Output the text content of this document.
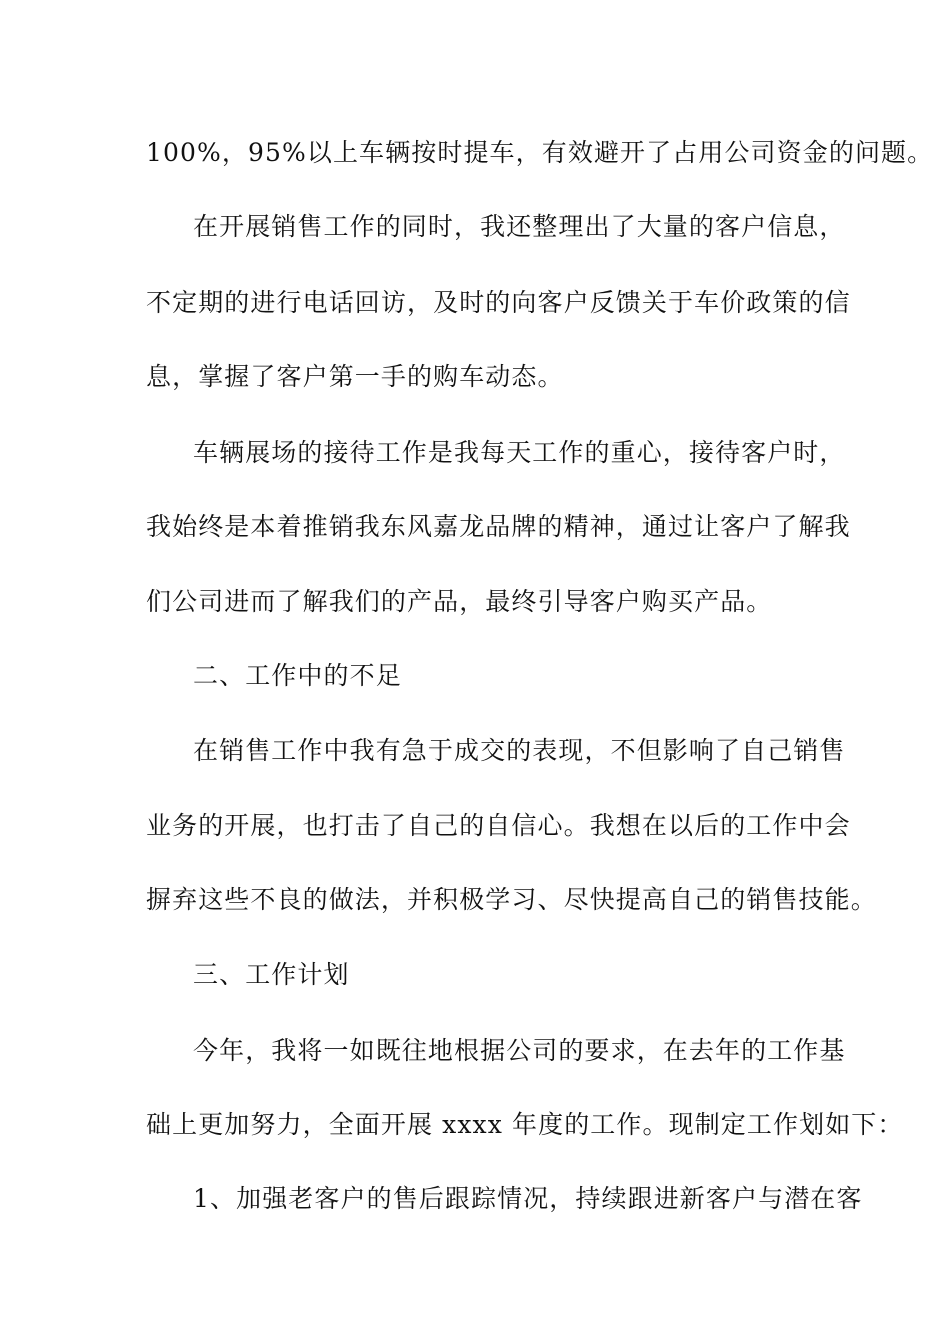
100%，95%以上车辆按时提车，有效避开了占用公司资金的问题。
在开展销售工作的同时，我还整理出了大量的客户信息，
不定期的进行电话回访，及时的向客户反馈关于车价政策的信
息，掌握了客户第一手的购车动态。
车辆展场的接待工作是我每天工作的重心，接待客户时，
我始终是本着推销我东风嘉龙品牌的精神，通过让客户了解我
们公司进而了解我们的产品，最终引导客户购买产品。
二、工作中的不足
在销售工作中我有急于成交的表现，不但影响了自己销售
业务的开展，也打击了自己的自信心。我想在以后的工作中会
摒弃这些不良的做法，并积极学习、尽快提高自己的销售技能。
三、工作计划
今年，我将一如既往地根据公司的要求，在去年的工作基
础上更加努力，全面开展 xxxx 年度的工作。现制定工作划如下：
1、加强老客户的售后跟踪情况，持续跟进新客户与潜在客
